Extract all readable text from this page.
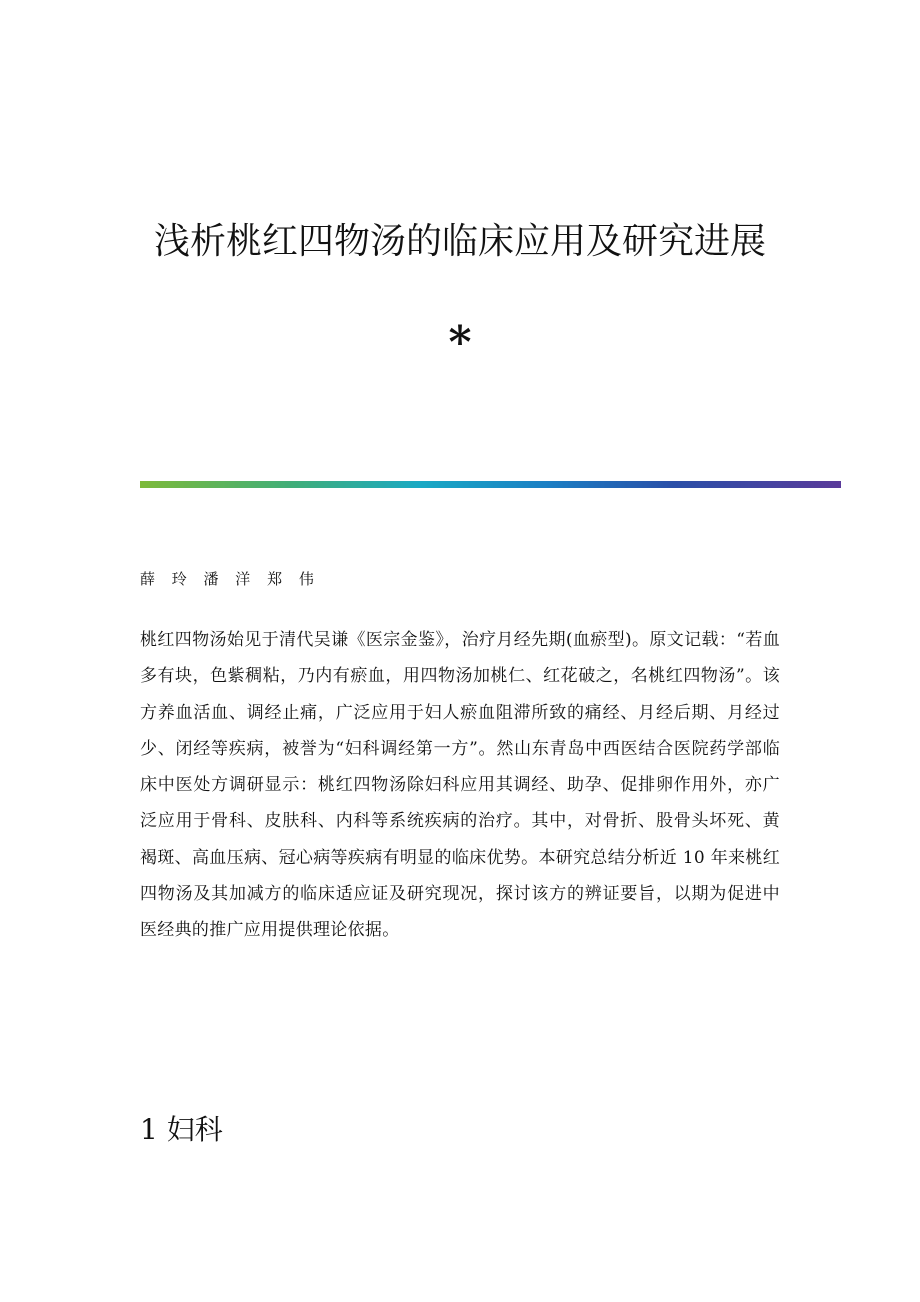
浅析桃红四物汤的临床应用及研究进展
*

薛 玲 潘 洋 郑 伟

桃红四物汤始见于清代吴谦《医宗金鉴》，治疗月经先期(血瘀型)。原文记载：“若血多有块，色紫稠粘，乃内有瘀血，用四物汤加桃仁、红花破之，名桃红四物汤”。该方养血活血、调经止痛，广泛应用于妇人瘀血阻滞所致的痛经、月经后期、月经过少、闭经等疾病，被誉为“妇科调经第一方”。然山东青岛中西医结合医院药学部临床中医处方调研显示：桃红四物汤除妇科应用其调经、助孕、促排卵作用外，亦广泛应用于骨科、皮肤科、内科等系统疾病的治疗。其中，对骨折、股骨头坏死、黄褐斑、高血压病、冠心病等疾病有明显的临床优势。本研究总结分析近 10 年来桃红四物汤及其加减方的临床适应证及研究现况，探讨该方的辨证要旨，以期为促进中医经典的推广应用提供理论依据。

1 妇科
